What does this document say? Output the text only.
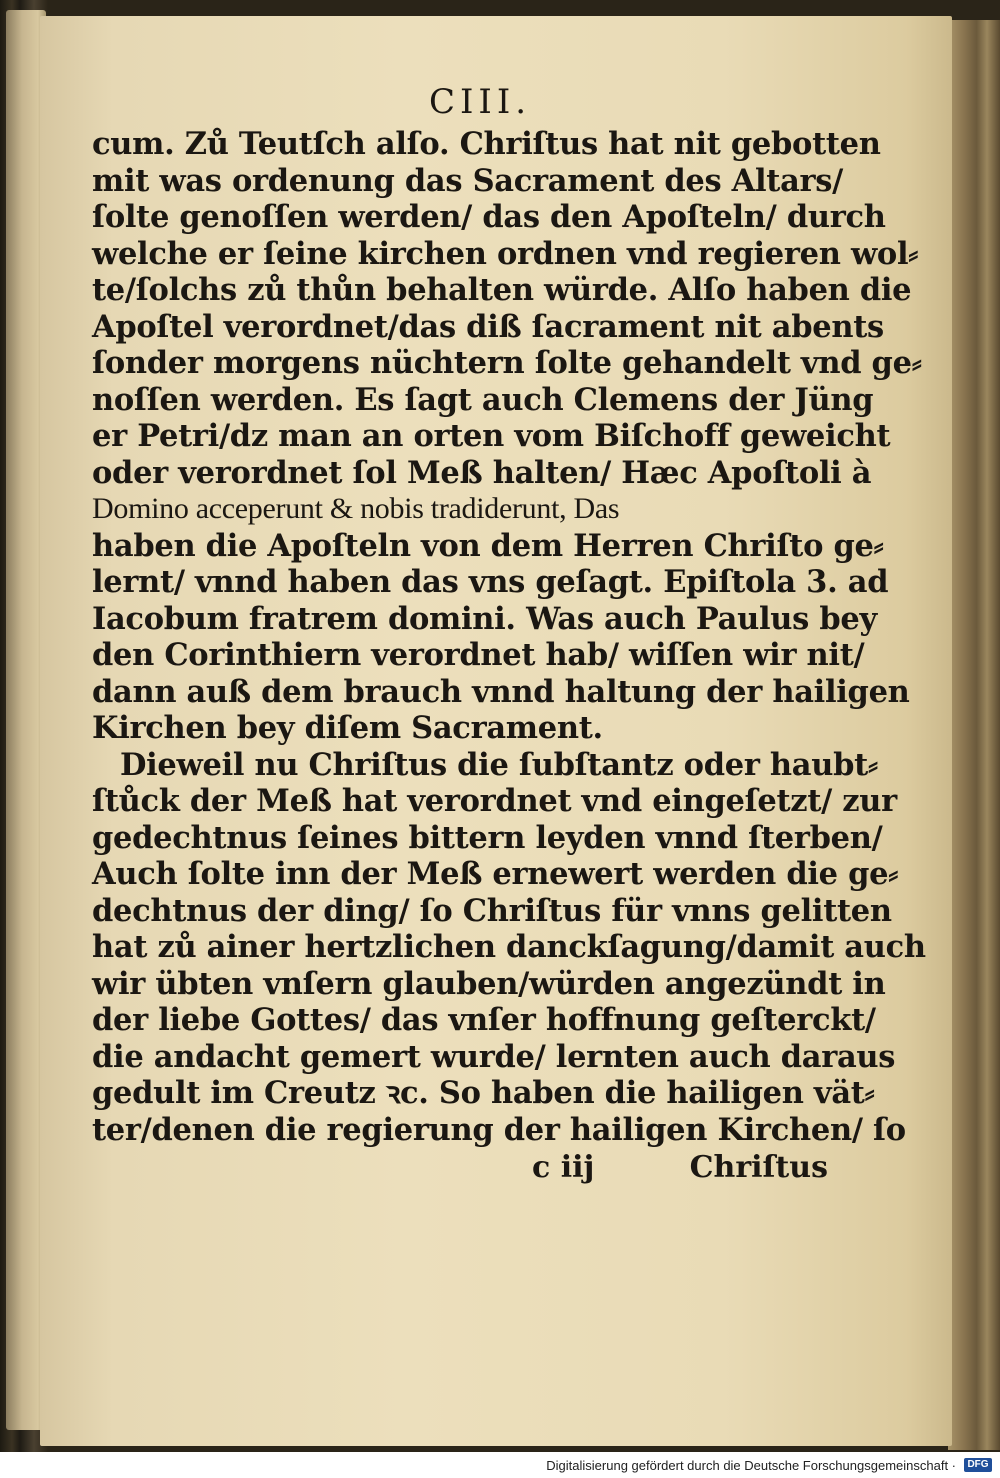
CIII.
cum. Zů Teutſch alſo. Chriſtus hat nit gebotten
mit was ordenung das Sacrament des Altars/
ſolte genoſſen werden/ das den Apoſteln/ durch
welche er ſeine kirchen ordnen vnd regieren wol⸗
te/ſolchs zů thůn behalten würde. Alſo haben die
Apoſtel verordnet/das diß ſacrament nit abents
ſonder morgens nüchtern ſolte gehandelt vnd ge⸗
noſſen werden. Es ſagt auch Clemens der Jüng
er Petri/dz man an orten vom Biſchoff geweicht
oder verordnet ſol Meß halten/ Hæc Apoſtoli à
Domino acceperunt & nobis tradiderunt, Das
haben die Apoſteln von dem Herren Chriſto ge⸗
lernt/ vnnd haben das vns geſagt. Epiſtola 3. ad
Iacobum fratrem domini. Was auch Paulus bey
den Corinthiern verordnet hab/ wiſſen wir nit/
dann auß dem brauch vnnd haltung der hailigen
Kirchen bey diſem Sacrament.
Dieweil nu Chriſtus die ſubſtantz oder haubt⸗
ſtůck der Meß hat verordnet vnd eingeſetzt/ zur
gedechtnus ſeines bittern leyden vnnd ſterben/
Auch ſolte inn der Meß ernewert werden die ge⸗
dechtnus der ding/ ſo Chriſtus für vnns gelitten
hat zů ainer hertzlichen danckſagung/damit auch
wir übten vnſern glauben/würden angezündt in
der liebe Gottes/ das vnſer hoffnung geſterckt/
die andacht gemert wurde/ lernten auch daraus
gedult im Creutz ꝛc. So haben die hailigen vät⸗
ter/denen die regierung der hailigen Kirchen/ ſo
c iij	Chriſtus
Digitalisierung gefördert durch die Deutsche Forschungsgemeinschaft ·	DFG
